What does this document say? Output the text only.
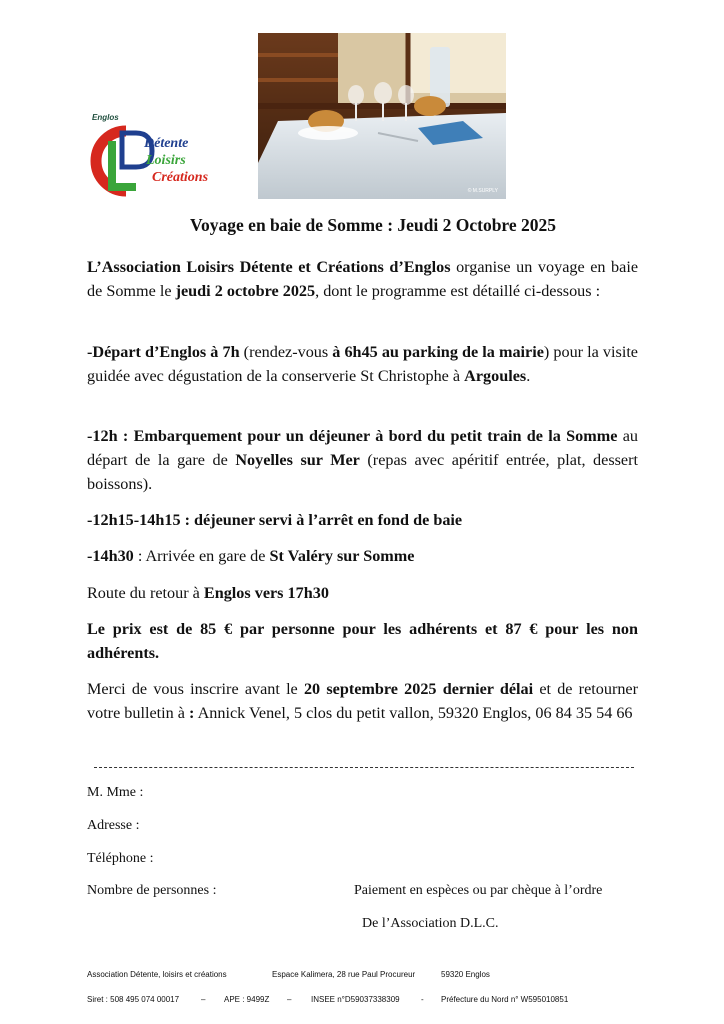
Englos
Détente
Loisirs
Créations
© M.SURPLY
Voyage en baie de Somme : Jeudi 2 Octobre 2025
L’Association Loisirs Détente et Créations d’Englos organise un voyage en baie de Somme le jeudi 2 octobre 2025, dont le programme est détaillé ci-dessous :
-Départ d’Englos à 7h (rendez-vous à 6h45 au parking de la mairie) pour la visite guidée avec dégustation de la conserverie St Christophe à Argoules.
-12h : Embarquement pour un déjeuner à bord du petit train de la Somme au départ de la gare de Noyelles sur Mer (repas avec apéritif entrée, plat, dessert boissons).
-12h15-14h15 : déjeuner servi à l’arrêt en fond de baie
-14h30 : Arrivée en gare de St Valéry sur Somme
Route du retour à Englos vers 17h30
Le prix est de 85 € par personne pour les adhérents et 87 € pour les non adhérents.
Merci de vous inscrire avant le 20 septembre 2025 dernier délai et de retourner votre bulletin à : Annick Venel, 5 clos du petit vallon, 59320 Englos, 06 84 35 54 66
M. Mme :
Adresse :
Téléphone :
Nombre de personnes :	Paiement en espèces ou par chèque à l’ordre
De l’Association D.L.C.
Association Détente, loisirs et créations	Espace Kalimera, 28 rue Paul Procureur	59320 Englos
Siret : 508 495 074 00017	– APE : 9499Z – INSEE n°D59037338309	- Préfecture du Nord n° W595010851
